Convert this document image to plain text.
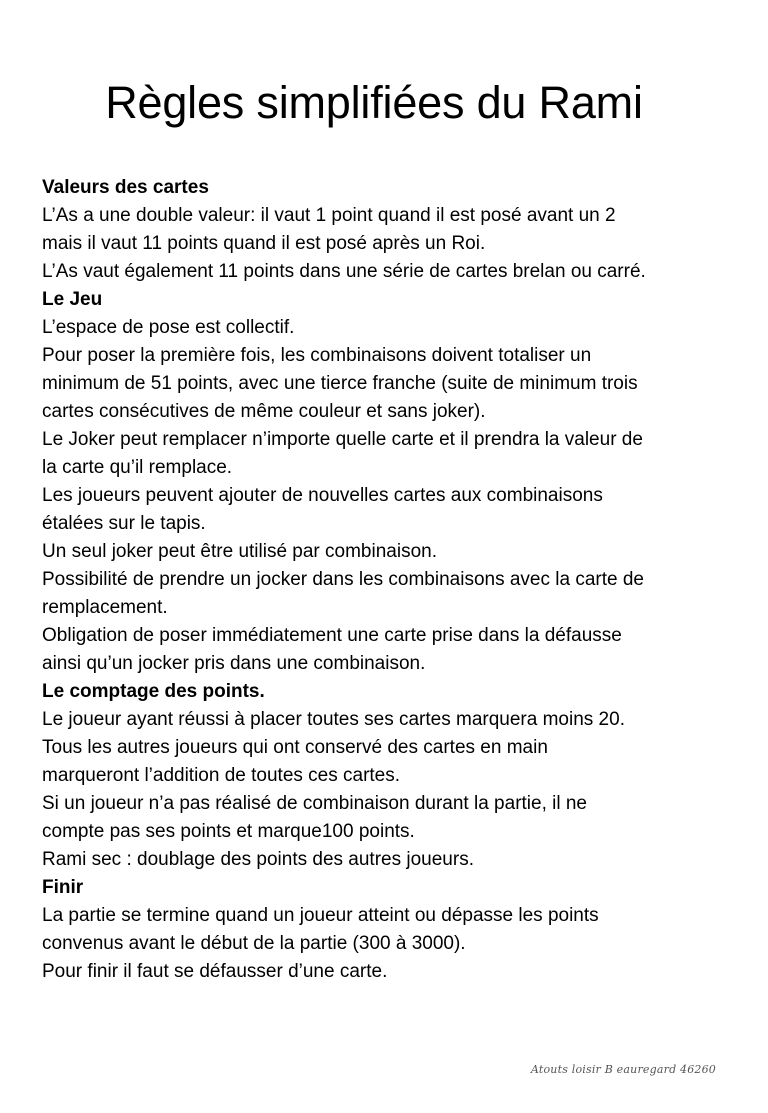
Règles simplifiées du Rami
Valeurs des cartes
L’As a une double valeur: il vaut 1 point quand il est posé avant un 2
mais il vaut 11 points quand il est posé après un Roi.
L’As vaut également 11 points dans une série de cartes brelan ou carré.
Le Jeu
L’espace de pose est collectif.
Pour poser la première fois, les combinaisons doivent totaliser un
minimum de 51 points, avec une tierce franche (suite de minimum trois
cartes consécutives de même couleur et sans joker).
Le Joker peut remplacer n’importe quelle carte et il prendra la valeur de
la carte qu’il remplace.
Les joueurs peuvent ajouter de nouvelles cartes aux combinaisons
étalées sur le tapis.
Un seul joker peut être utilisé par combinaison.
Possibilité de prendre un jocker dans les combinaisons avec la carte de
remplacement.
Obligation de poser immédiatement une carte prise dans la défausse
ainsi qu’un jocker pris dans une combinaison.
Le comptage des points.
Le joueur ayant réussi à placer toutes ses cartes marquera moins 20.
Tous les autres joueurs qui ont conservé des cartes en main
marqueront l’addition de toutes ces cartes.
Si un joueur n’a pas réalisé de combinaison durant la partie, il ne
compte pas ses points et marque100 points.
Rami sec : doublage des points des autres joueurs.
Finir
La partie se termine quand un joueur atteint ou dépasse les points
convenus avant le début de la partie (300 à 3000).
Pour finir il faut se défausser d’une carte.
Atouts loisir B eauregard 46260
